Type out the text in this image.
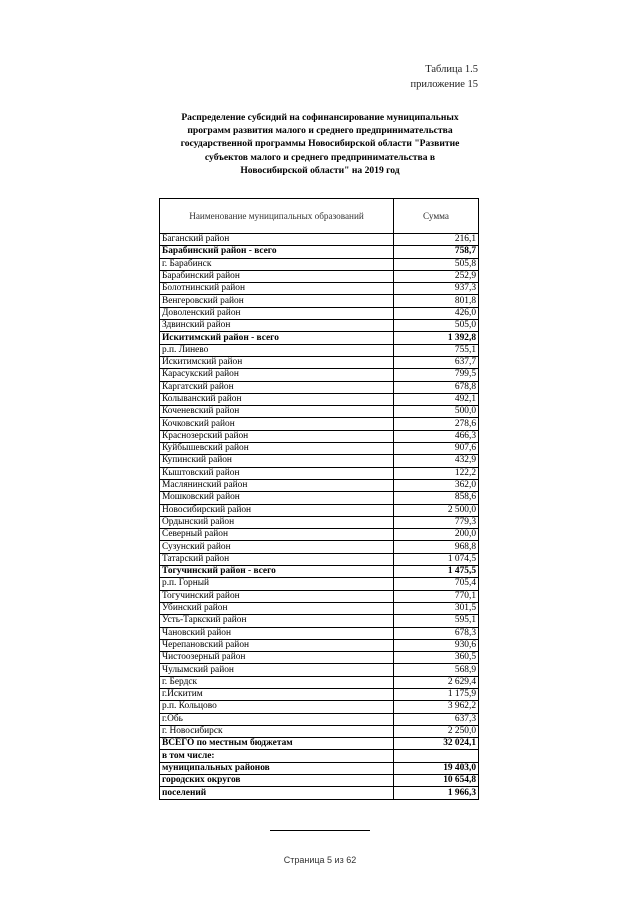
Таблица 1.5
приложение 15
Распределение субсидий на софинансирование муниципальных
программ развития малого и среднего предпринимательства
государственной программы Новосибирской области "Развитие
субъектов малого и среднего предпринимательства в
Новосибирской области" на 2019 год
Наименование муниципальных образований	Сумма
Баганский район	216,1
Барабинский район - всего	758,7
г. Барабинск	505,8
Барабинский район	252,9
Болотнинский район	937,3
Венгеровский район	801,8
Доволенский район	426,0
Здвинский район	505,0
Искитимский район - всего	1 392,8
р.п. Линево	755,1
Искитимский район	637,7
Карасукский район	799,5
Каргатский район	678,8
Колыванский район	492,1
Коченевский район	500,0
Кочковский район	278,6
Краснозерский район	466,3
Куйбышевский район	907,6
Купинский район	432,9
Кыштовский район	122,2
Маслянинский район	362,0
Мошковский район	858,6
Новосибирский район	2 500,0
Ордынский район	779,3
Северный район	200,0
Сузунский район	968,8
Татарский район	1 074,5
Тогучинский район - всего	1 475,5
р.п. Горный	705,4
Тогучинский район	770,1
Убинский район	301,5
Усть-Таркский район	595,1
Чановский район	678,3
Черепановский район	930,6
Чистоозерный район	360,5
Чулымский район	568,9
г. Бердск	2 629,4
г.Искитим	1 175,9
р.п. Кольцово	3 962,2
г.Обь	637,3
г. Новосибирск	2 250,0
ВСЕГО по местным бюджетам	32 024,1
в том числе:	
муниципальных районов	19 403,0
городских округов	10 654,8
поселений	1 966,3
Страница 5 из 62
